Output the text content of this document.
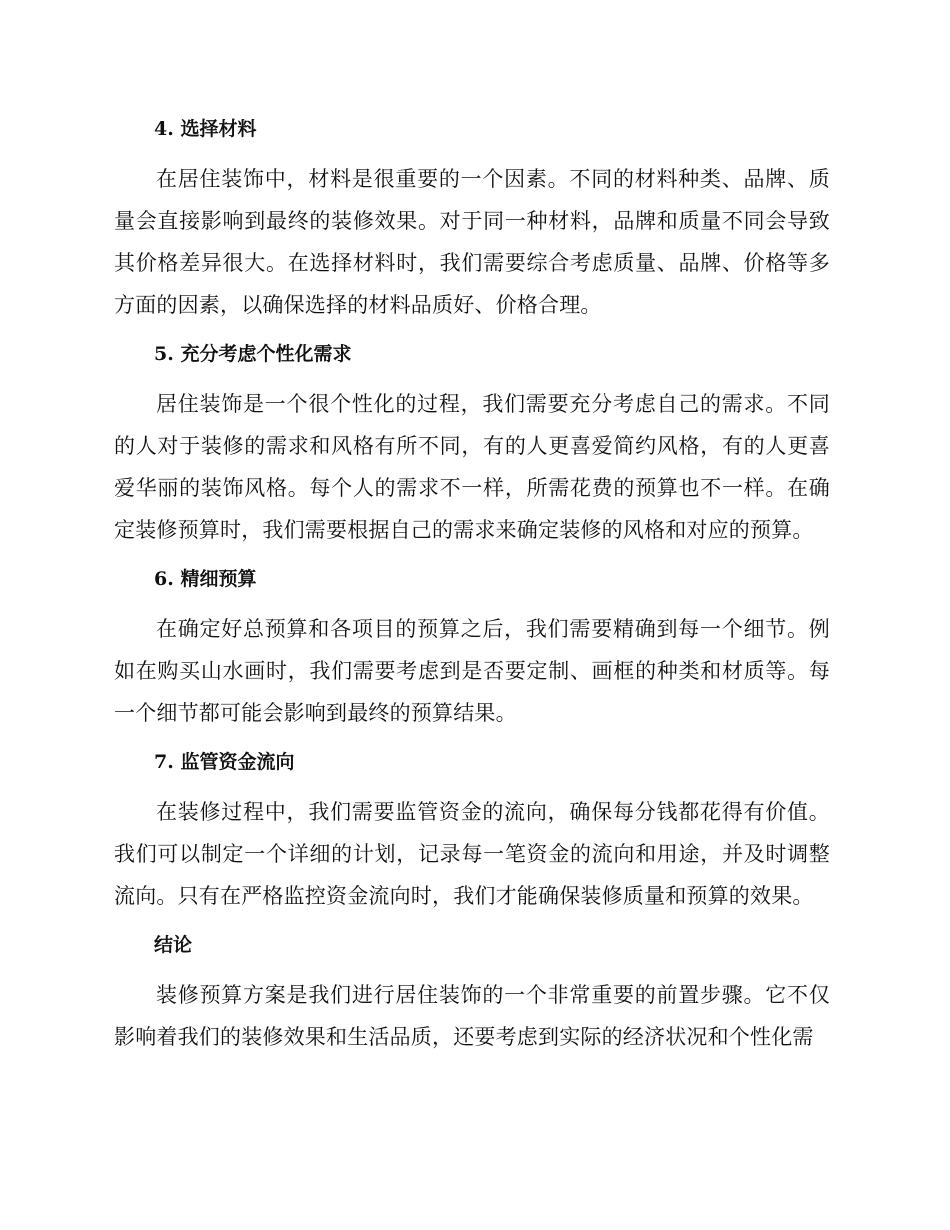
4. 选择材料

在居住装饰中，材料是很重要的一个因素。不同的材料种类、品牌、质量会直接影响到最终的装修效果。对于同一种材料，品牌和质量不同会导致其价格差异很大。在选择材料时，我们需要综合考虑质量、品牌、价格等多方面的因素，以确保选择的材料品质好、价格合理。

5. 充分考虑个性化需求

居住装饰是一个很个性化的过程，我们需要充分考虑自己的需求。不同的人对于装修的需求和风格有所不同，有的人更喜爱简约风格，有的人更喜爱华丽的装饰风格。每个人的需求不一样，所需花费的预算也不一样。在确定装修预算时，我们需要根据自己的需求来确定装修的风格和对应的预算。

6. 精细预算

在确定好总预算和各项目的预算之后，我们需要精确到每一个细节。例如在购买山水画时，我们需要考虑到是否要定制、画框的种类和材质等。每一个细节都可能会影响到最终的预算结果。

7. 监管资金流向

在装修过程中，我们需要监管资金的流向，确保每分钱都花得有价值。我们可以制定一个详细的计划，记录每一笔资金的流向和用途，并及时调整流向。只有在严格监控资金流向时，我们才能确保装修质量和预算的效果。

结论

装修预算方案是我们进行居住装饰的一个非常重要的前置步骤。它不仅影响着我们的装修效果和生活品质，还要考虑到实际的经济状况和个性化需
